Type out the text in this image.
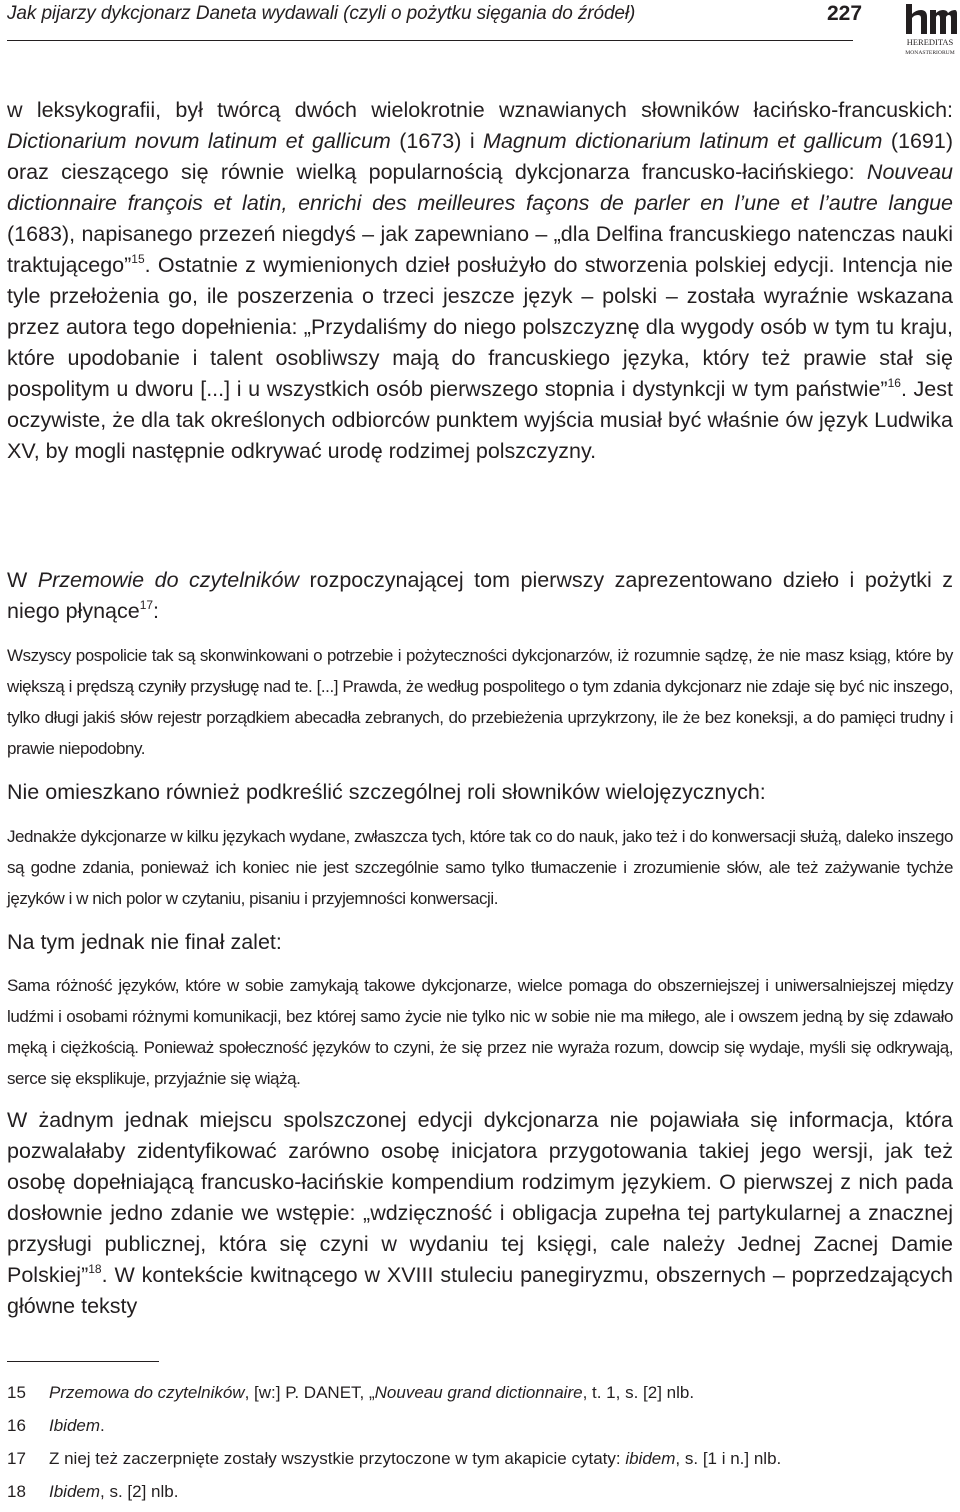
Jak pijarzy dykcjonarz Daneta wydawali (czyli o pożytku sięgania do źródeł)	227
HEREDITAS
MONASTERIORUM

w leksykografii, był twórcą dwóch wielokrotnie wznawianych słowników łacińsko-francuskich: Dictionarium novum latinum et gallicum (1673) i Magnum dictionarium latinum et gallicum (1691) oraz cieszącego się równie wielką popularnością dykcjonarza francusko-łacińskiego: Nouveau dictionnaire françois et latin, enrichi des meilleures façons de parler en l’une et l’autre langue (1683), napisanego przezeń niegdyś – jak zapewniano – „dla Delfina francuskiego natenczas nauki traktującego”$^{15}$. Ostatnie z wymienionych dzieł posłużyło do stworzenia polskiej edycji. Intencja nie tyle przełożenia go, ile poszerzenia o trzeci jeszcze język – polski – została wyraźnie wskazana przez autora tego dopełnienia: „Przydaliśmy do niego polszczyznę dla wygody osób w tym tu kraju, które upodobanie i talent osobliwszy mają do francuskiego języka, który też prawie stał się pospolitym u dworu [...] i u wszystkich osób pierwszego stopnia i dystynkcji w tym państwie”$^{16}$. Jest oczywiste, że dla tak określonych odbiorców punktem wyjścia musiał być właśnie ów język Ludwika XV, by mogli następnie odkrywać urodę rodzimej polszczyzny.

W Przemowie do czytelników rozpoczynającej tom pierwszy zaprezentowano dzieło i pożytki z niego płynące$^{17}$:

Wszyscy pospolicie tak są skonwinkowani o potrzebie i pożyteczności dykcjonarzów, iż rozumnie sądzę, że nie masz ksiąg, które by większą i prędszą czyniły przysługę nad te. [...] Prawda, że według pospolitego o tym zdania dykcjonarz nie zdaje się być nic inszego, tylko długi jakiś słów rejestr porządkiem abecadła zebranych, do przebieżenia uprzykrzony, ile że bez koneksji, a do pamięci trudny i prawie niepodobny.

Nie omieszkano również podkreślić szczególnej roli słowników wielojęzycznych:

Jednakże dykcjonarze w kilku językach wydane, zwłaszcza tych, które tak co do nauk, jako też i do konwersacji służą, daleko inszego są godne zdania, ponieważ ich koniec nie jest szczególnie samo tylko tłumaczenie i zrozumienie słów, ale też zażywanie tychże języków i w nich polor w czytaniu, pisaniu i przyjemności konwersacji.

Na tym jednak nie finał zalet:

Sama różność języków, które w sobie zamykają takowe dykcjonarze, wielce pomaga do obszerniejszej i uniwersalniejszej między ludźmi i osobami różnymi komunikacji, bez której samo życie nie tylko nic w sobie nie ma miłego, ale i owszem jedną by się zdawało męką i ciężkością. Ponieważ społeczność języków to czyni, że się przez nie wyraża rozum, dowcip się wydaje, myśli się odkrywają, serce się eksplikuje, przyjaźnie się wiążą.

W żadnym jednak miejscu spolszczonej edycji dykcjonarza nie pojawiała się informacja, która pozwalałaby zidentyfikować zarówno osobę inicjatora przygotowania takiej jego wersji, jak też osobę dopełniającą francusko-łacińskie kompendium rodzimym językiem. O pierwszej z nich pada dosłownie jedno zdanie we wstępie: „wdzięczność i obligacja zupełna tej partykularnej a znacznej przysługi publicznej, która się czyni w wydaniu tej księgi, cale należy Jednej Zacnej Damie Polskiej”$^{18}$. W kontekście kwitnącego w XVIII stuleciu panegiryzmu, obszernych – poprzedzających główne teksty

15	Przemowa do czytelników, [w:] P. DANET, „Nouveau grand dictionnaire, t. 1, s. [2] nlb.
16	Ibidem.
17	Z niej też zaczerpnięte zostały wszystkie przytoczone w tym akapicie cytaty: ibidem, s. [1 i n.] nlb.
18	Ibidem, s. [2] nlb.
